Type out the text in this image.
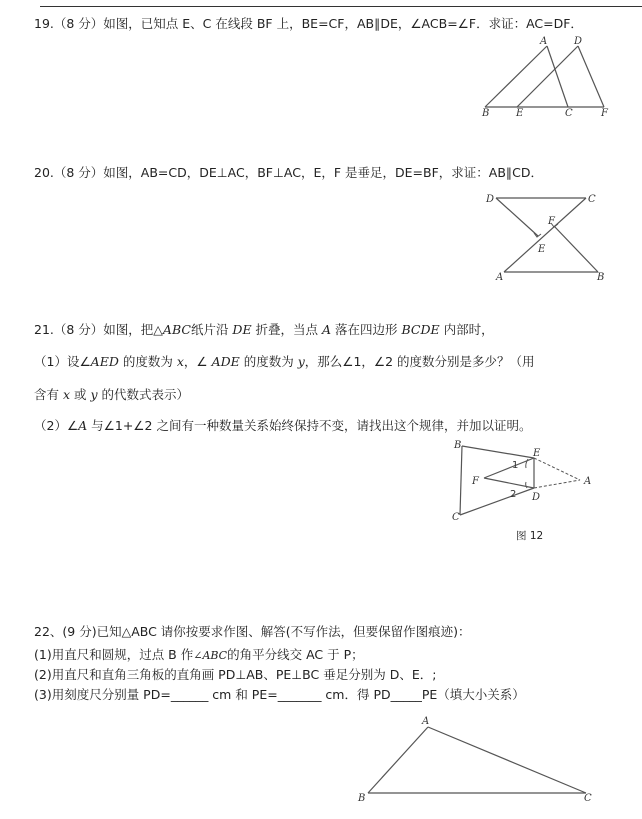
19.（8 分）如图，已知点 E、C 在线段 BF 上，BE=CF，AB∥DE，∠ACB=∠F．求证：AC=DF．
A	D
B	E	C	F
20.（8 分）如图，AB=CD，DE⊥AC，BF⊥AC，E，F 是垂足，DE=BF，求证：AB∥CD．
D	C
F
E
A	B
21.（8 分）如图，把△ABC纸片沿 DE 折叠，当点 A 落在四边形 BCDE 内部时，
（1）设∠AED 的度数为 x，∠ ADE 的度数为 y，那么∠1，∠2 的度数分别是多少？（用
含有 x 或 y 的代数式表示）
（2）∠A 与∠1+∠2 之间有一种数量关系始终保持不变，请找出这个规律，并加以证明。
B
E
A
F
D
C
1
2
图 12
22、(9 分)已知△ABC 请你按要求作图、解答(不写作法，但要保留作图痕迹)：
(1)用直尺和圆规，过点 B 作∠ABC的角平分线交 AC 于 P；
(2)用直尺和直角三角板的直角画 PD⊥AB、PE⊥BC 垂足分别为 D、E．;
(3)用刻度尺分别量 PD=______ cm 和 PE=_______ cm．得 PD_____PE（填大小关系）
A
B	C
